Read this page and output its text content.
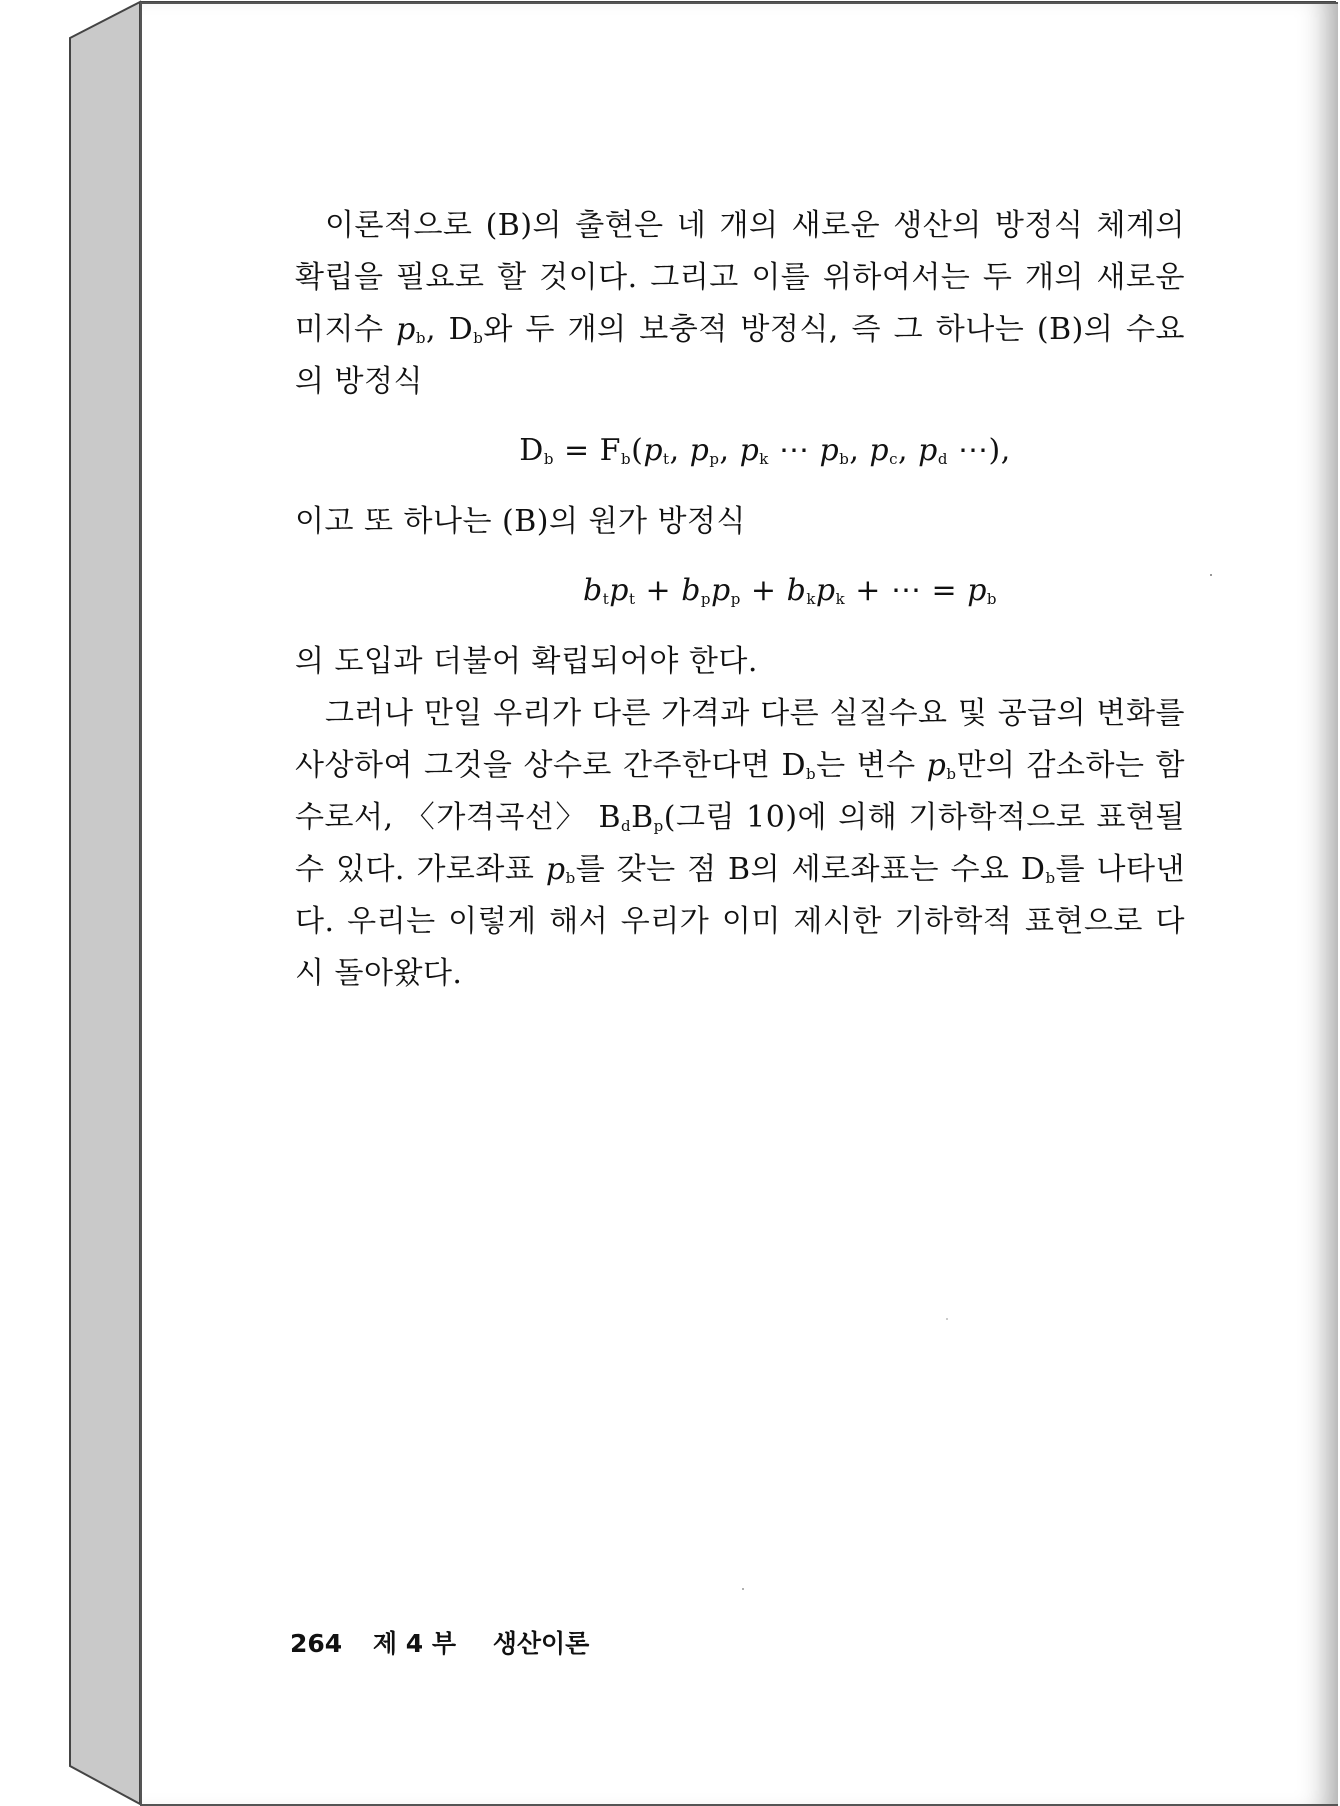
이론적으로 (B)의 출현은 네 개의 새로운 생산의 방정식 체계의 확립을 필요로 할 것이다. 그리고 이를 위하여서는 두 개의 새로운 미지수 $p_b$, $D_b$와 두 개의 보충적 방정식, 즉 그 하나는 (B)의 수요의 방정식

$D_b = F_b(p_t$, $p_p$, $p_k$ ⋯ $p_b$, $p_c$, $p_d$ ⋯),

이고 또 하나는 (B)의 원가 방정식

$b_tp_t + b_pp_p + b_kp_k$ + ⋯ = $p_b$

의 도입과 더불어 확립되어야 한다.

그러나 만일 우리가 다른 가격과 다른 실질수요 및 공급의 변화를 사상하여 그것을 상수로 간주한다면 $D_b$는 변수 $p_b$만의 감소하는 함수로서, 〈가격곡선〉 $B_dB_p$(그림 10)에 의해 기하학적으로 표현될 수 있다. 가로좌표 $p_b$를 갖는 점 B의 세로좌표는 수요 $D_b$를 나타낸다. 우리는 이렇게 해서 우리가 이미 제시한 기하학적 표현으로 다시 돌아왔다.

264 제 4 부 생산이론
